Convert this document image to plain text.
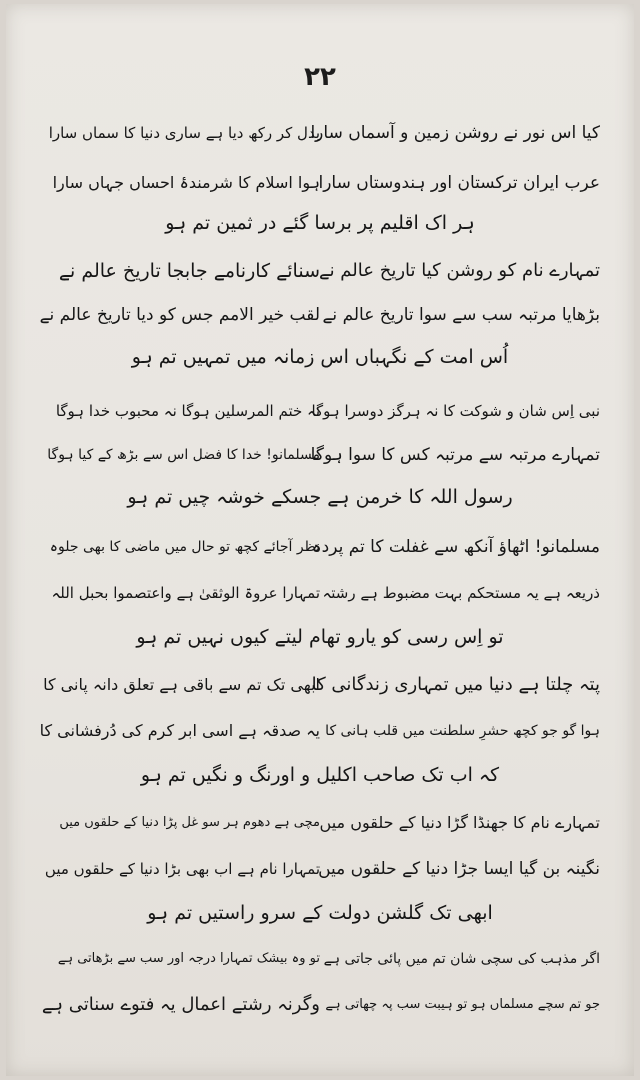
۲۲
کیا اس نور نے روشن زمین و آسماں سارا
بدل کر رکھ دیا ہے ساری دنیا کا سماں سارا
عرب ایران ترکستان اور ہندوستاں سارا
ہوا اسلام کا شرمندۂ احساں جہاں سارا
ہر اک اقلیم پر برسا گئے در ثمین تم ہو
تمہارے نام کو روشن کیا تاریخ عالم نے
سنائے کارنامے جابجا تاریخ عالم نے
بڑھایا مرتبہ سب سے سوا تاریخ عالم نے
لقب خیر الامم جس کو دیا تاریخ عالم نے
اُس امت کے نگہباں اس زمانہ میں تمہیں تم ہو
نبی اِس شان و شوکت کا نہ ہرگز دوسرا ہوگا
نہ ختم المرسلین ہوگا نہ محبوب خدا ہوگا
تمہارے مرتبہ سے مرتبہ کس کا سوا ہوگا
مسلمانو! خدا کا فضل اس سے بڑھ کے کیا ہوگا
رسول اللہ کا خرمن ہے جسکے خوشہ چیں تم ہو
مسلمانو! اٹھاؤ آنکھ سے غفلت کا تم پردہ
نظر آجائے کچھ تو حال میں ماضی کا بھی جلوہ
ذریعہ ہے یہ مستحکم بہت مضبوط ہے رشتہ
تمہارا عروۃ الوثقیٰ ہے واعتصموا بحبل اللہ
تو اِس رسی کو یارو تھام لیتے کیوں نہیں تم ہو
پتہ چلتا ہے دنیا میں تمہاری زندگانی کا
ابھی تک تم سے باقی ہے تعلق دانہ پانی کا
ہوا گو جو کچھ حشرِ سلطنت میں قلب ہانی کا
یہ صدقہ ہے اسی ابر کرم کی دُرفشانی کا
کہ اب تک صاحب اکلیل و اورنگ و نگیں تم ہو
تمہارے نام کا جھنڈا گڑا دنیا کے حلقوں میں
مچی ہے دھوم ہر سو غل پڑا دنیا کے حلقوں میں
نگینہ بن گیا ایسا جڑا دنیا کے حلقوں میں
تمہارا نام ہے اب بھی بڑا دنیا کے حلقوں میں
ابھی تک گلشن دولت کے سرو راستیں تم ہو
اگر مذہب کی سچی شان تم میں پائی جاتی ہے
تو وہ بیشک تمہارا درجہ اور سب سے بڑھاتی ہے
جو تم سچے مسلماں ہو تو ہیبت سب پہ چھاتی ہے
وگرنہ رشتے اعمال یہ فتوے سناتی ہے
